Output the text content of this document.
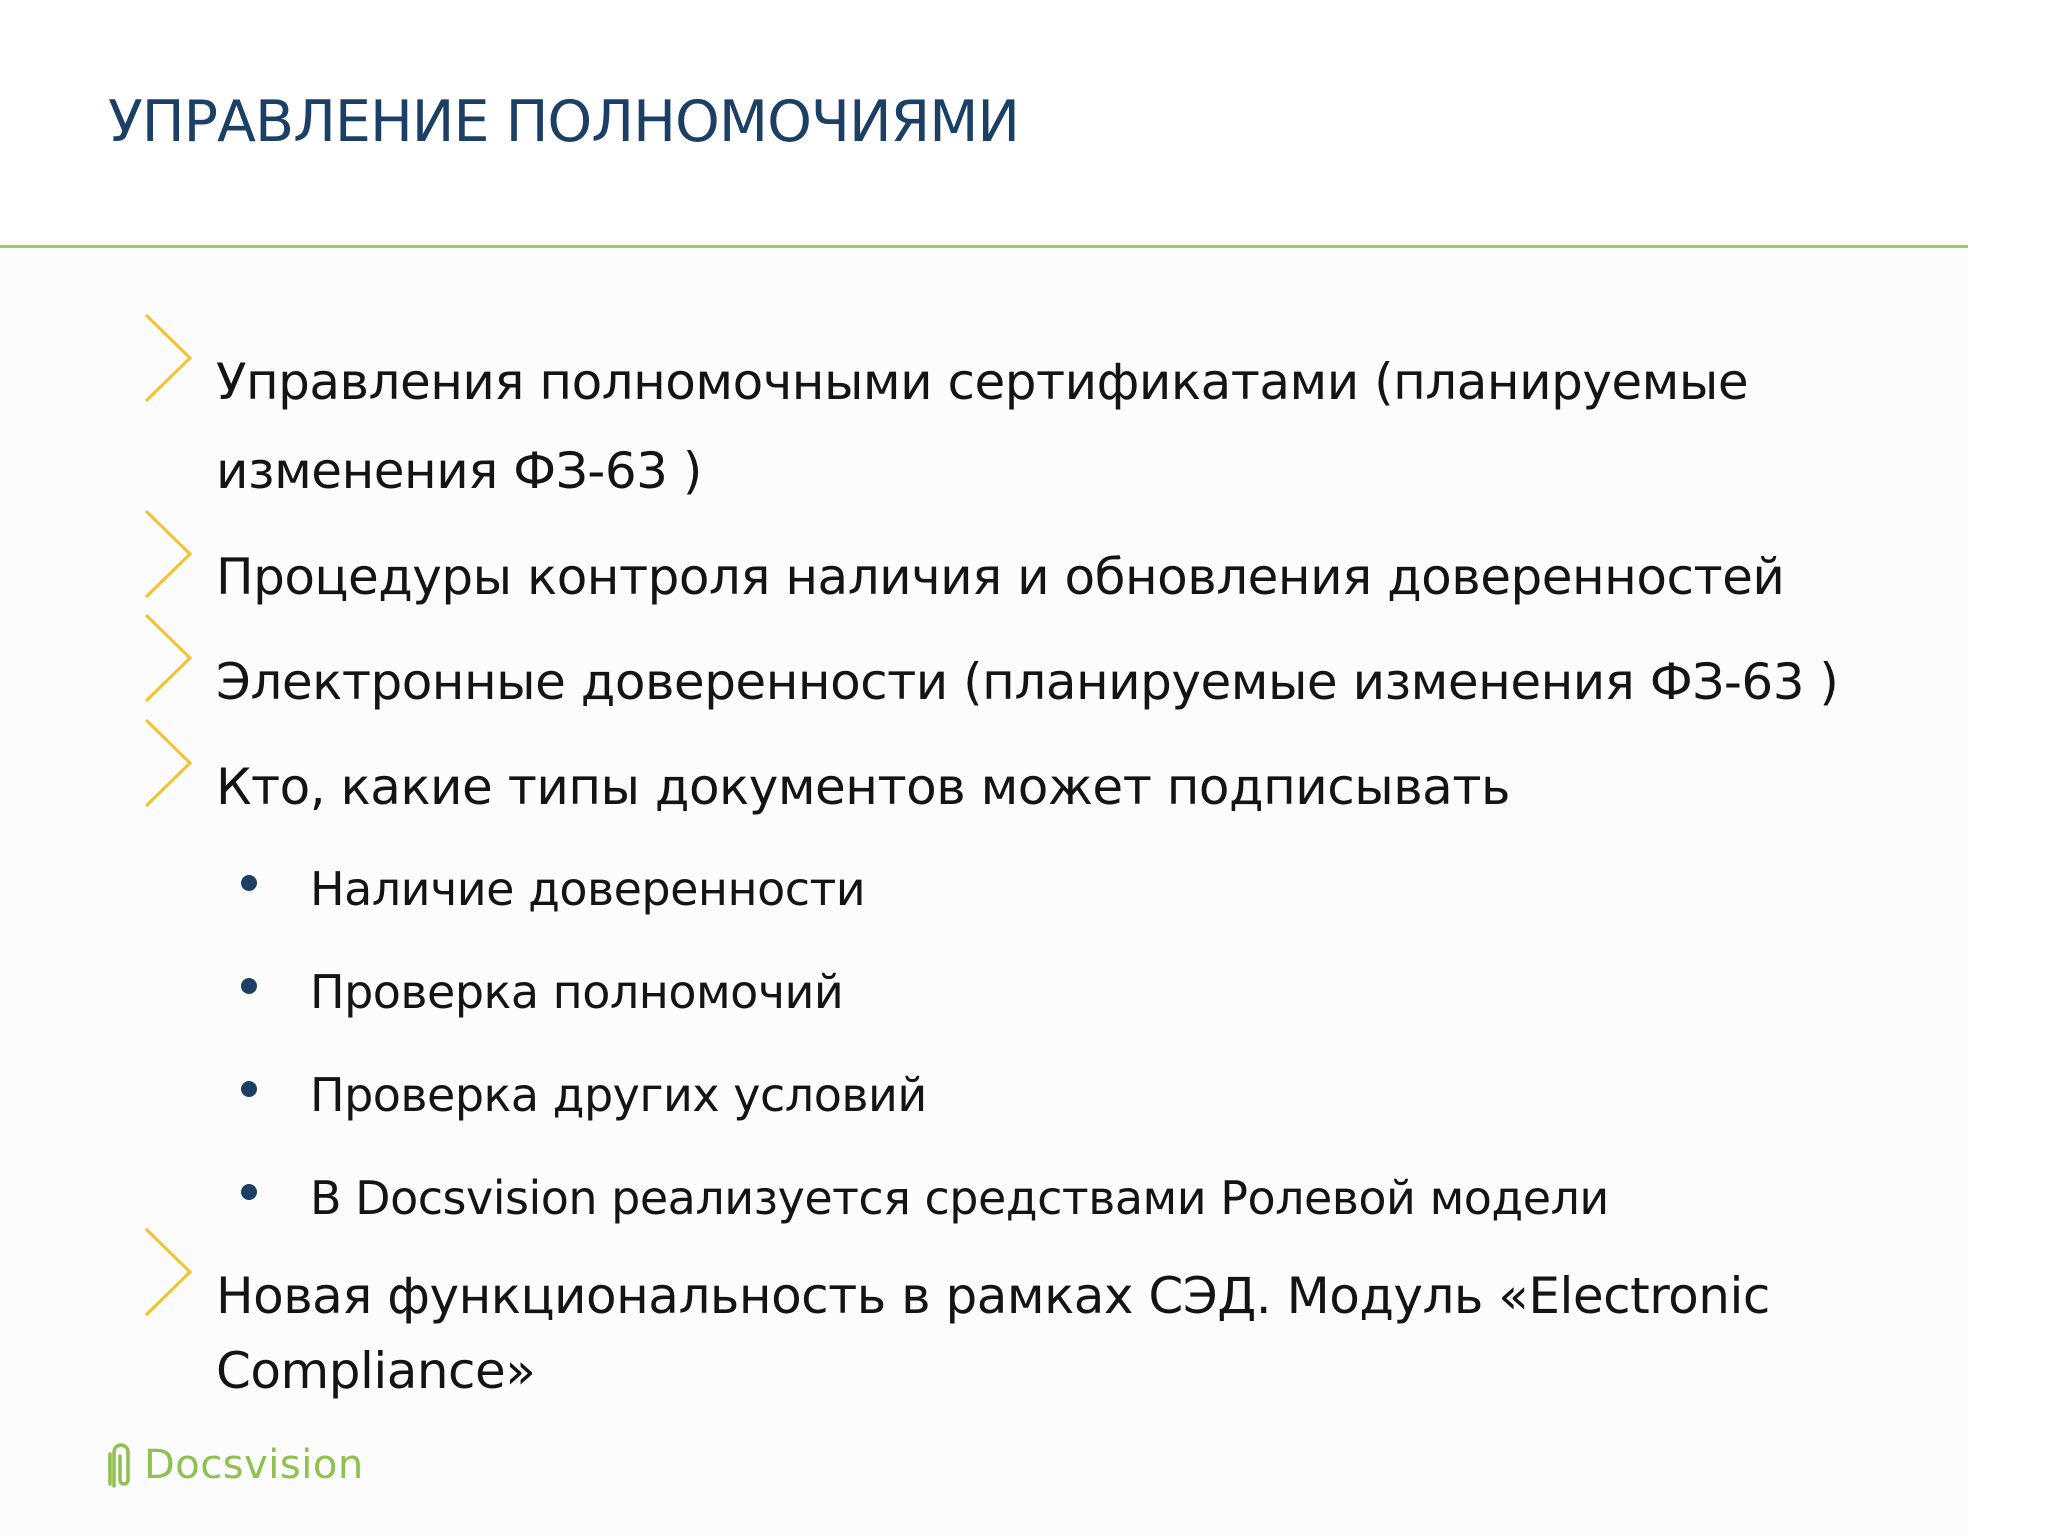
УПРАВЛЕНИЕ ПОЛНОМОЧИЯМИ
Управления полномочными сертификатами (планируемые
изменения ФЗ-63 )
Процедуры контроля наличия и обновления доверенностей
Электронные доверенности (планируемые изменения ФЗ-63 )
Кто, какие типы документов может подписывать
Наличие доверенности
Проверка полномочий
Проверка других условий
В Docsvision реализуется средствами Ролевой модели
Новая функциональность в рамках СЭД. Модуль «Electronic
Compliance»
Docsvision
